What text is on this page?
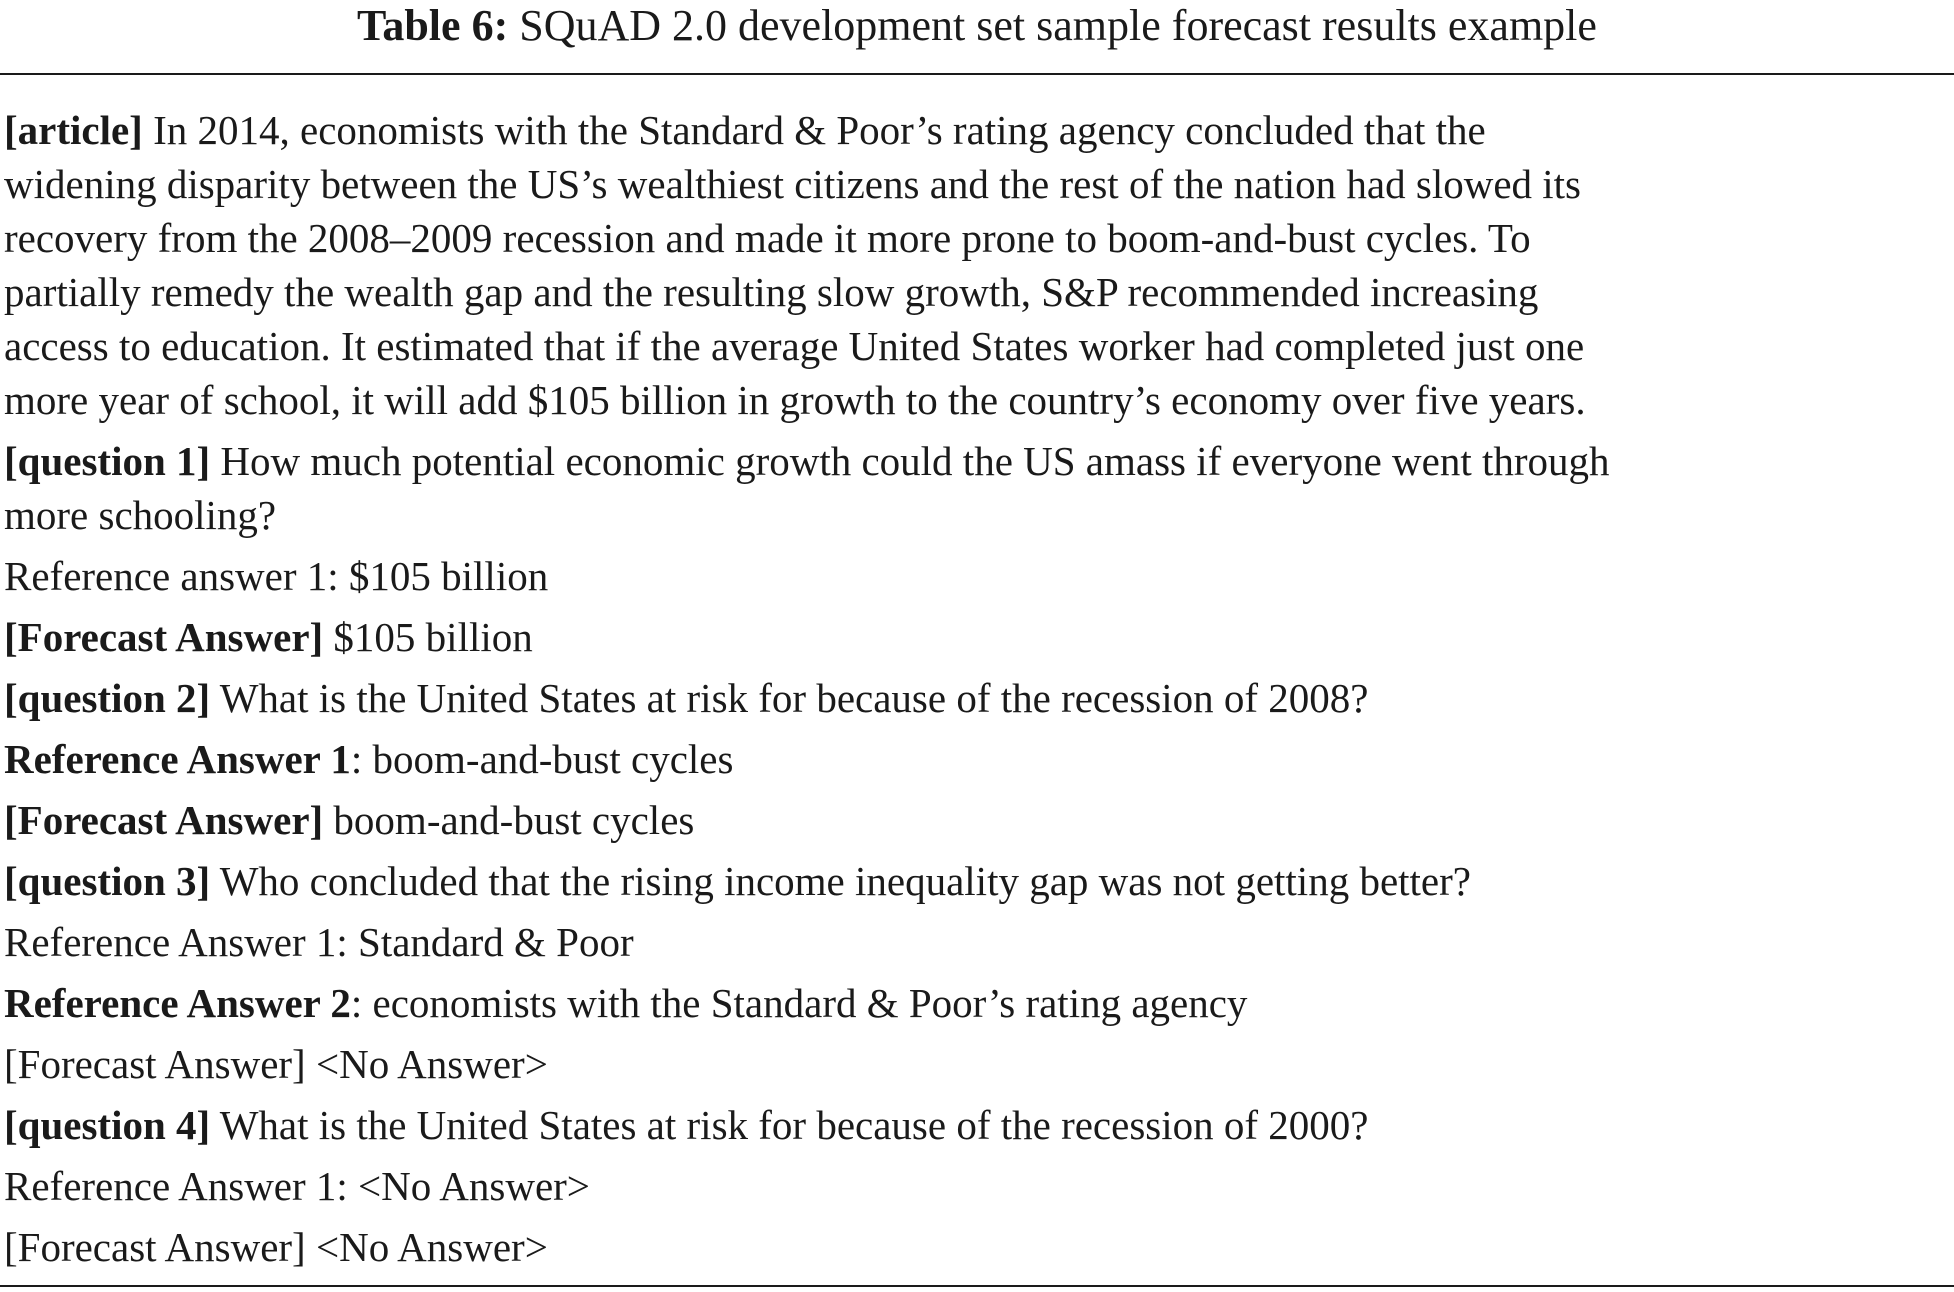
Table 6: SQuAD 2.0 development set sample forecast results example
[article] In 2014, economists with the Standard & Poor’s rating agency concluded that the
widening disparity between the US’s wealthiest citizens and the rest of the nation had slowed its
recovery from the 2008–2009 recession and made it more prone to boom-and-bust cycles. To
partially remedy the wealth gap and the resulting slow growth, S&P recommended increasing
access to education. It estimated that if the average United States worker had completed just one
more year of school, it will add $105 billion in growth to the country’s economy over five years.
[question 1] How much potential economic growth could the US amass if everyone went through
more schooling?
Reference answer 1: $105 billion
[Forecast Answer] $105 billion
[question 2] What is the United States at risk for because of the recession of 2008?
Reference Answer 1: boom-and-bust cycles
[Forecast Answer] boom-and-bust cycles
[question 3] Who concluded that the rising income inequality gap was not getting better?
Reference Answer 1: Standard & Poor
Reference Answer 2: economists with the Standard & Poor’s rating agency
[Forecast Answer] <No Answer>
[question 4] What is the United States at risk for because of the recession of 2000?
Reference Answer 1: <No Answer>
[Forecast Answer] <No Answer>
